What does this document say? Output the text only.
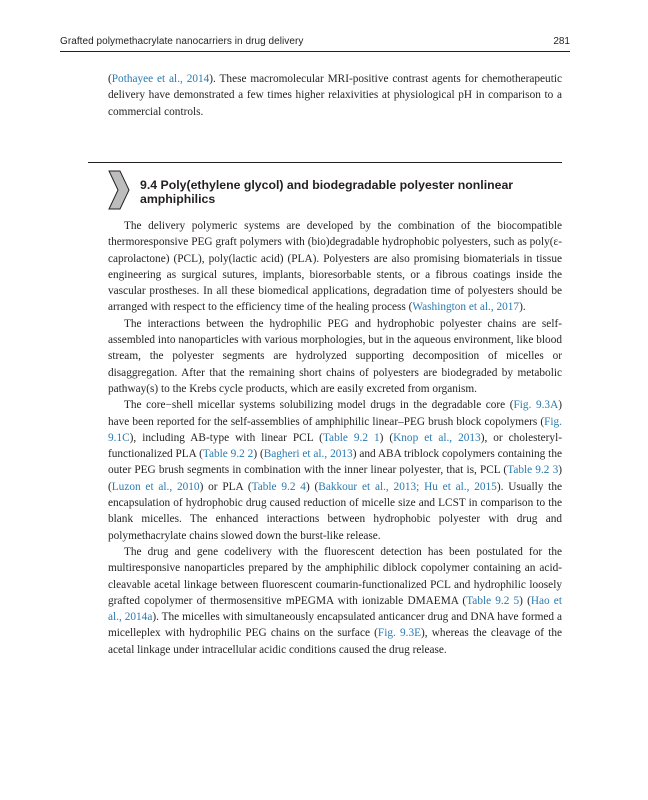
Grafted polymethacrylate nanocarriers in drug delivery	281

(Pothayee et al., 2014). These macromolecular MRI-positive contrast agents for chemotherapeutic delivery have demonstrated a few times higher relaxivities at physiological pH in comparison to a commercial controls.

9.4 Poly(ethylene glycol) and biodegradable polyester nonlinear amphiphilics

The delivery polymeric systems are developed by the combination of the biocompatible thermoresponsive PEG graft polymers with (bio)degradable hydrophobic polyesters, such as poly(ε-caprolactone) (PCL), poly(lactic acid) (PLA). Polyesters are also promising biomaterials in tissue engineering as surgical sutures, implants, bioresorbable stents, or a fibrous coatings inside the vascular prostheses. In all these biomedical applications, degradation time of polyesters should be arranged with respect to the efficiency time of the healing process (Washington et al., 2017).

The interactions between the hydrophilic PEG and hydrophobic polyester chains are self-assembled into nanoparticles with various morphologies, but in the aqueous environment, like blood stream, the polyester segments are hydrolyzed supporting decomposition of micelles or disaggregation. After that the remaining short chains of polyesters are biodegraded by metabolic pathway(s) to the Krebs cycle products, which are easily excreted from organism.

The core−shell micellar systems solubilizing model drugs in the degradable core (Fig. 9.3A) have been reported for the self-assemblies of amphiphilic linear–PEG brush block copolymers (Fig. 9.1C), including AB-type with linear PCL (Table 9.2 1) (Knop et al., 2013), or cholesteryl-functionalized PLA (Table 9.2 2) (Bagheri et al., 2013) and ABA triblock copolymers containing the outer PEG brush segments in combination with the inner linear polyester, that is, PCL (Table 9.2 3) (Luzon et al., 2010) or PLA (Table 9.2 4) (Bakkour et al., 2013; Hu et al., 2015). Usually the encapsulation of hydrophobic drug caused reduction of micelle size and LCST in comparison to the blank micelles. The enhanced interactions between hydrophobic polyester with drug and polymethacrylate chains slowed down the burst-like release.

The drug and gene codelivery with the fluorescent detection has been postulated for the multiresponsive nanoparticles prepared by the amphiphilic diblock copolymer containing an acid-cleavable acetal linkage between fluorescent coumarin-functionalized PCL and hydrophilic loosely grafted copolymer of thermosensitive mPEGMA with ionizable DMAEMA (Table 9.2 5) (Hao et al., 2014a). The micelles with simultaneously encapsulated anticancer drug and DNA have formed a micelleplex with hydrophilic PEG chains on the surface (Fig. 9.3E), whereas the cleavage of the acetal linkage under intracellular acidic conditions caused the drug release.
